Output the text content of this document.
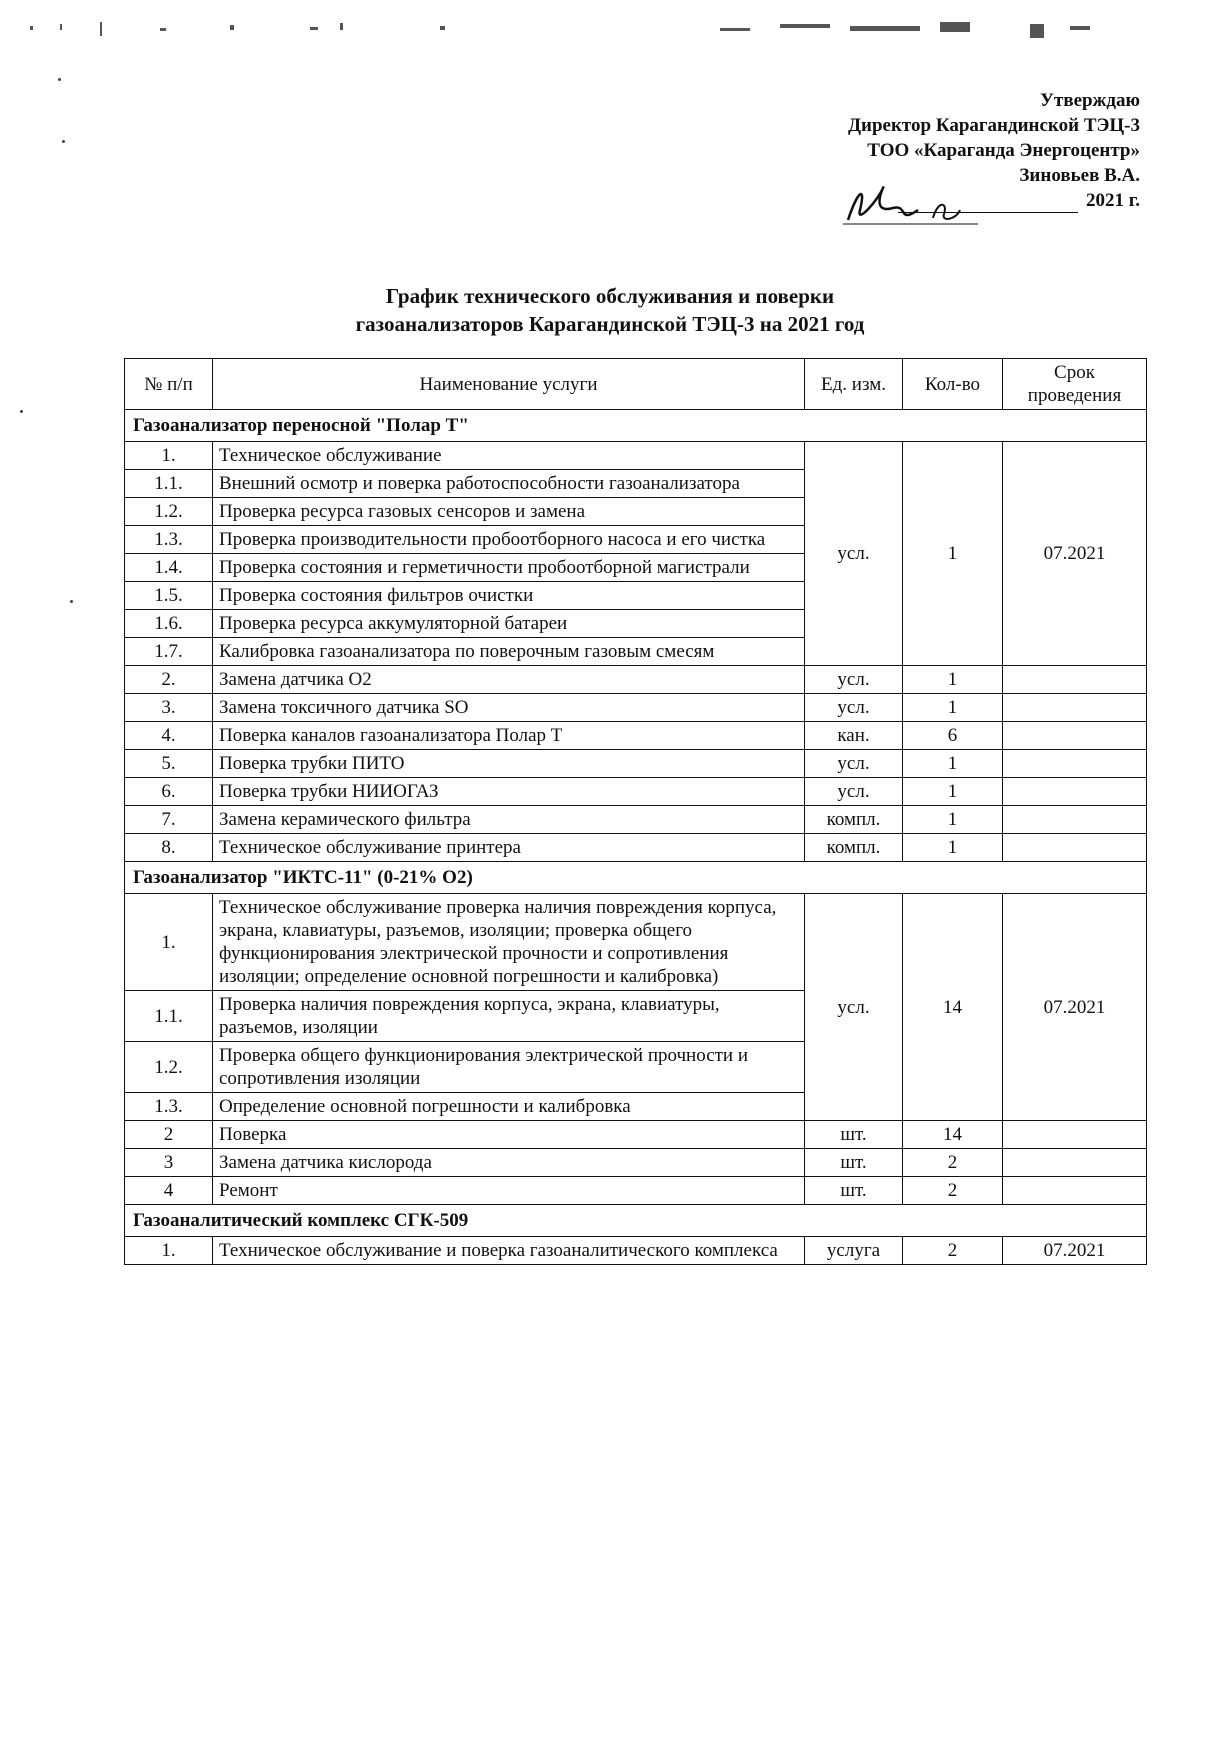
Утверждаю
Директор Карагандинской ТЭЦ-3
ТОО «Караганда Энергоцентр»
Зиновьев В.А.
2021 г.
График технического обслуживания и поверки
газоанализаторов Карагандинской ТЭЦ-3 на 2021 год
№ п/п	Наименование услуги	Ед. изм.	Кол-во	Срок проведения
Газоанализатор переносной "Полар Т"				
1.	Техническое обслуживание	усл.	1	07.2021
1.1.	Внешний осмотр и поверка работоспособности газоанализатора			
1.2.	Проверка ресурса газовых сенсоров и замена			
1.3.	Проверка производительности пробоотборного насоса и его чистка			
1.4.	Проверка состояния и герметичности пробоотборной магистрали			
1.5.	Проверка состояния фильтров очистки			
1.6.	Проверка ресурса аккумуляторной батареи			
1.7.	Калибровка газоанализатора по поверочным газовым смесям			
2.	Замена датчика О2	усл.	1	
3.	Замена токсичного датчика SO	усл.	1	
4.	Поверка каналов газоанализатора Полар Т	кан.	6	
5.	Поверка трубки ПИТО	усл.	1	
6.	Поверка трубки НИИОГАЗ	усл.	1	
7.	Замена керамического фильтра	компл.	1	
8.	Техническое обслуживание принтера	компл.	1	
Газоанализатор "ИКТС-11" (0-21% О2)				
1.	Техническое обслуживание проверка наличия повреждения корпуса, экрана, клавиатуры, разъемов, изоляции; проверка общего функционирования электрической прочности и сопротивления изоляции; определение основной погрешности и калибровка)	усл.	14	07.2021
1.1.	Проверка наличия повреждения корпуса, экрана, клавиатуры, разъемов, изоляции			
1.2.	Проверка общего функционирования электрической прочности и сопротивления изоляции			
1.3.	Определение основной погрешности и калибровка			
2	Поверка	шт.	14	
3	Замена датчика кислорода	шт.	2	
4	Ремонт	шт.	2	
Газоаналитический комплекс СГК-509				
1.	Техническое обслуживание и поверка газоаналитического комплекса	услуга	2	07.2021
